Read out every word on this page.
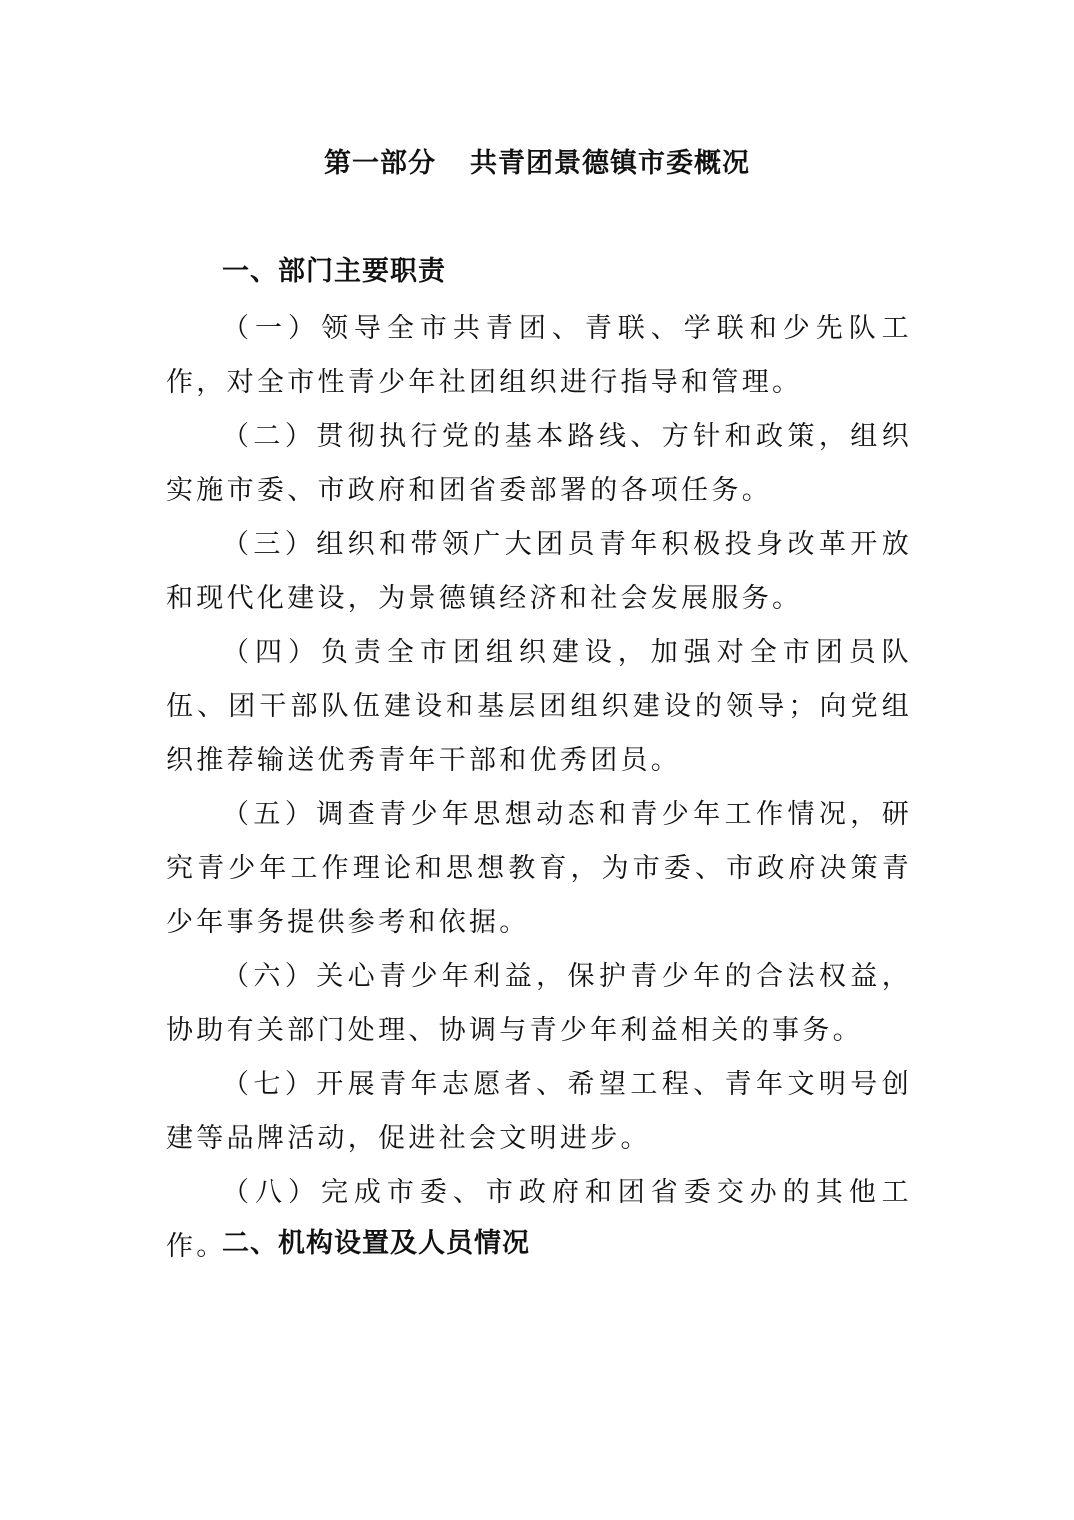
第一部分 共青团景德镇市委概况
一、部门主要职责

（一）领导全市共青团、青联、学联和少先队工作，对全市性青少年社团组织进行指导和管理。

（二）贯彻执行党的基本路线、方针和政策，组织实施市委、市政府和团省委部署的各项任务。

（三）组织和带领广大团员青年积极投身改革开放和现代化建设，为景德镇经济和社会发展服务。

（四）负责全市团组织建设，加强对全市团员队伍、团干部队伍建设和基层团组织建设的领导；向党组织推荐输送优秀青年干部和优秀团员。

（五）调查青少年思想动态和青少年工作情况，研究青少年工作理论和思想教育，为市委、市政府决策青少年事务提供参考和依据。

（六）关心青少年利益，保护青少年的合法权益，协助有关部门处理、协调与青少年利益相关的事务。

（七）开展青年志愿者、希望工程、青年文明号创建等品牌活动，促进社会文明进步。

（八）完成市委、市政府和团省委交办的其他工作。

二、机构设置及人员情况
